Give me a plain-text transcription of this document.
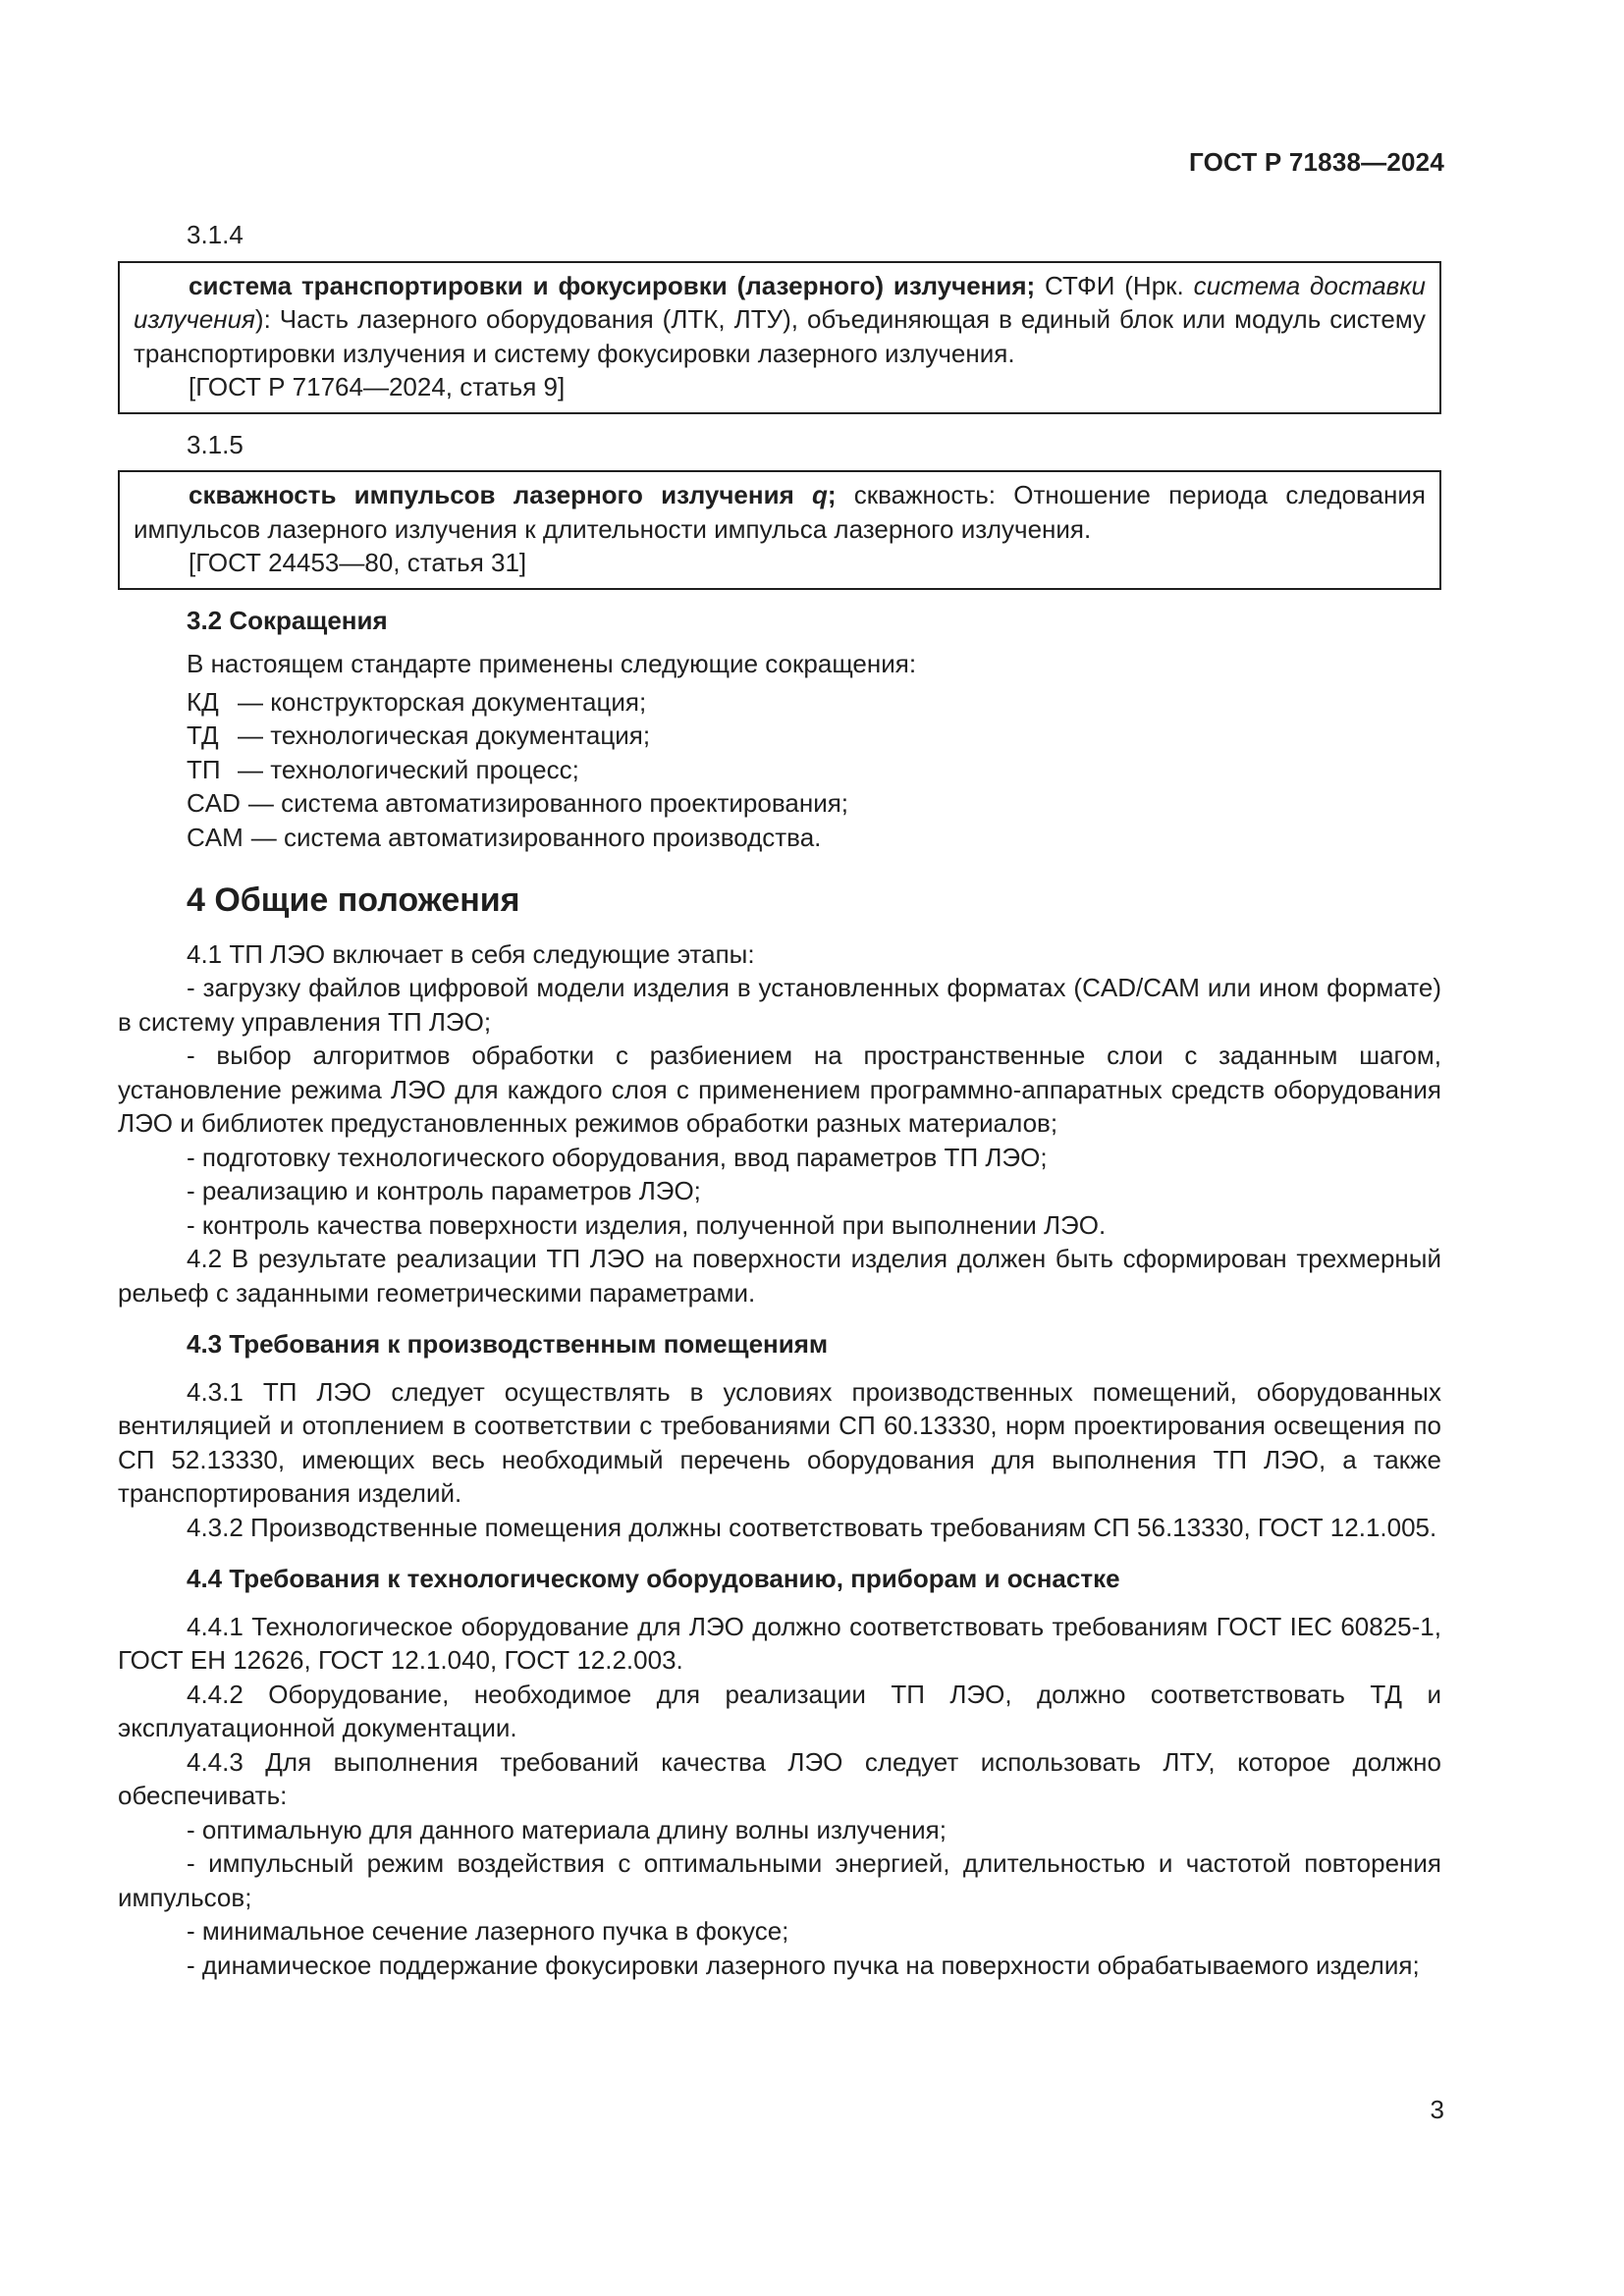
ГОСТ Р 71838—2024

3.1.4

система транспортировки и фокусировки (лазерного) излучения; СТФИ (Нрк. система доставки излучения): Часть лазерного оборудования (ЛТК, ЛТУ), объединяющая в единый блок или модуль систему транспортировки излучения и систему фокусировки лазерного излучения.

[ГОСТ Р 71764—2024, статья 9]

3.1.5

скважность импульсов лазерного излучения q; скважность: Отношение периода следования импульсов лазерного излучения к длительности импульса лазерного излучения.

[ГОСТ 24453—80, статья 31]

3.2 Сокращения

В настоящем стандарте применены следующие сокращения:

КД — конструкторская документация;
ТД — технологическая документация;
ТП — технологический процесс;
CAD — система автоматизированного проектирования;
CAM — система автоматизированного производства.

4 Общие положения

4.1 ТП ЛЭО включает в себя следующие этапы:

- загрузку файлов цифровой модели изделия в установленных форматах (CAD/CAM или ином формате) в систему управления ТП ЛЭО;

- выбор алгоритмов обработки с разбиением на пространственные слои с заданным шагом, установление режима ЛЭО для каждого слоя с применением программно-аппаратных средств оборудования ЛЭО и библиотек предустановленных режимов обработки разных материалов;

- подготовку технологического оборудования, ввод параметров ТП ЛЭО;

- реализацию и контроль параметров ЛЭО;

- контроль качества поверхности изделия, полученной при выполнении ЛЭО.

4.2 В результате реализации ТП ЛЭО на поверхности изделия должен быть сформирован трехмерный рельеф с заданными геометрическими параметрами.

4.3 Требования к производственным помещениям

4.3.1 ТП ЛЭО следует осуществлять в условиях производственных помещений, оборудованных вентиляцией и отоплением в соответствии с требованиями СП 60.13330, норм проектирования освещения по СП 52.13330, имеющих весь необходимый перечень оборудования для выполнения ТП ЛЭО, а также транспортирования изделий.

4.3.2 Производственные помещения должны соответствовать требованиям СП 56.13330, ГОСТ 12.1.005.

4.4 Требования к технологическому оборудованию, приборам и оснастке

4.4.1 Технологическое оборудование для ЛЭО должно соответствовать требованиям ГОСТ IEC 60825-1, ГОСТ EH 12626, ГОСТ 12.1.040, ГОСТ 12.2.003.

4.4.2 Оборудование, необходимое для реализации ТП ЛЭО, должно соответствовать ТД и эксплуатационной документации.

4.4.3 Для выполнения требований качества ЛЭО следует использовать ЛТУ, которое должно обеспечивать:

- оптимальную для данного материала длину волны излучения;

- импульсный режим воздействия с оптимальными энергией, длительностью и частотой повторения импульсов;

- минимальное сечение лазерного пучка в фокусе;

- динамическое поддержание фокусировки лазерного пучка на поверхности обрабатываемого изделия;

3
